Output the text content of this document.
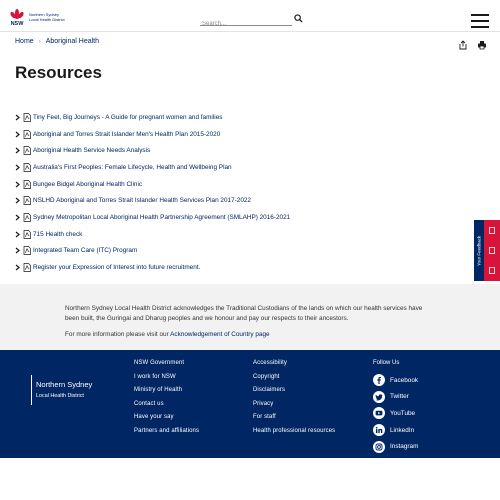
NSW
Northern Sydney
Local Health District
Search...
Home › Aboriginal Health
Resources
Tiny Feet, Big Journeys - A Guide for pregnant women and families
Aboriginal and Torres Strait Islander Men's Health Plan 2015-2020
Aboriginal Health Service Needs Analysis
Australia's First Peoples: Female Lifecycle, Health and Wellbeing Plan
Bungee Bidgel Aboriginal Health Clinic
NSLHD Aboriginal and Torres Strait Islander Health Services Plan 2017-2022
Sydney Metropolitan Local Aboriginal Health Partnership Agreement (SMLAHP) 2016-2021
715 Health check
Integrated Team Care (ITC) Program
Register your Expression of Interest into future recruitment.
Your Feedback

Northern Sydney Local Health District acknowledges the Traditional Custodians of the lands on which our health services have been built, the Guringai and Dharug peoples and we honour and pay our respects to their ancestors.

For more information please visit our Acknowledgement of Country page

Northern Sydney
Local Health District
NSW Government
I work for NSW
Ministry of Health
Contact us
Have your say
Partners and affiliations
Accessibility
Copyright
Disclaimers
Privacy
For staff
Health professional resources
Follow Us
Facebook
Twitter
YouTube
LinkedIn
Instagram
